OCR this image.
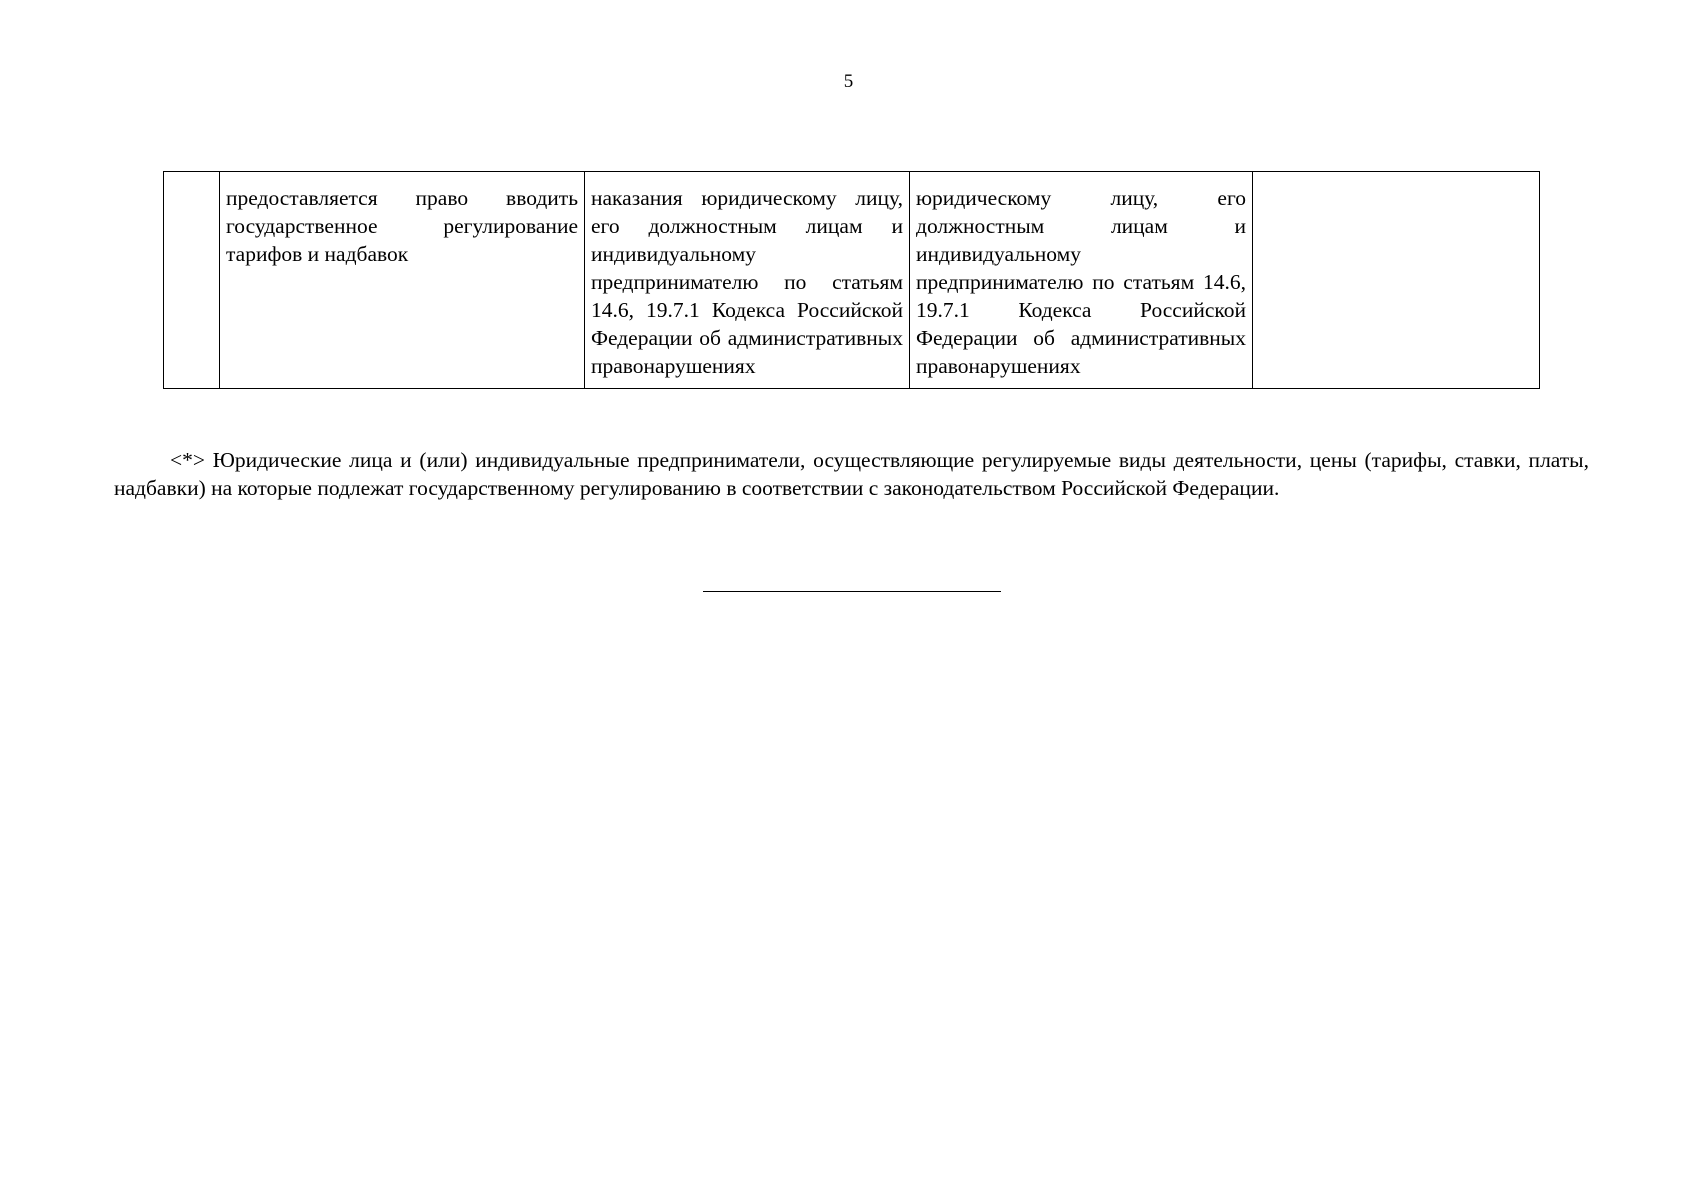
5
	предоставляется право вводить государственное регулирование тарифов и надбавок	наказания юридическому лицу, его должностным лицам и индивидуальному предпринимателю по статьям 14.6, 19.7.1 Кодекса Российской Федерации об административных правонарушениях	юридическому лицу, его должностным лицам и индивидуальному предпринимателю по статьям 14.6, 19.7.1 Кодекса Российской Федерации об административных правонарушениях	

<*> Юридические лица и (или) индивидуальные предприниматели, осуществляющие регулируемые виды деятельности, цены (тарифы, ставки, платы, надбавки) на которые подлежат государственному регулированию в соответствии с законодательством Российской Федерации.
